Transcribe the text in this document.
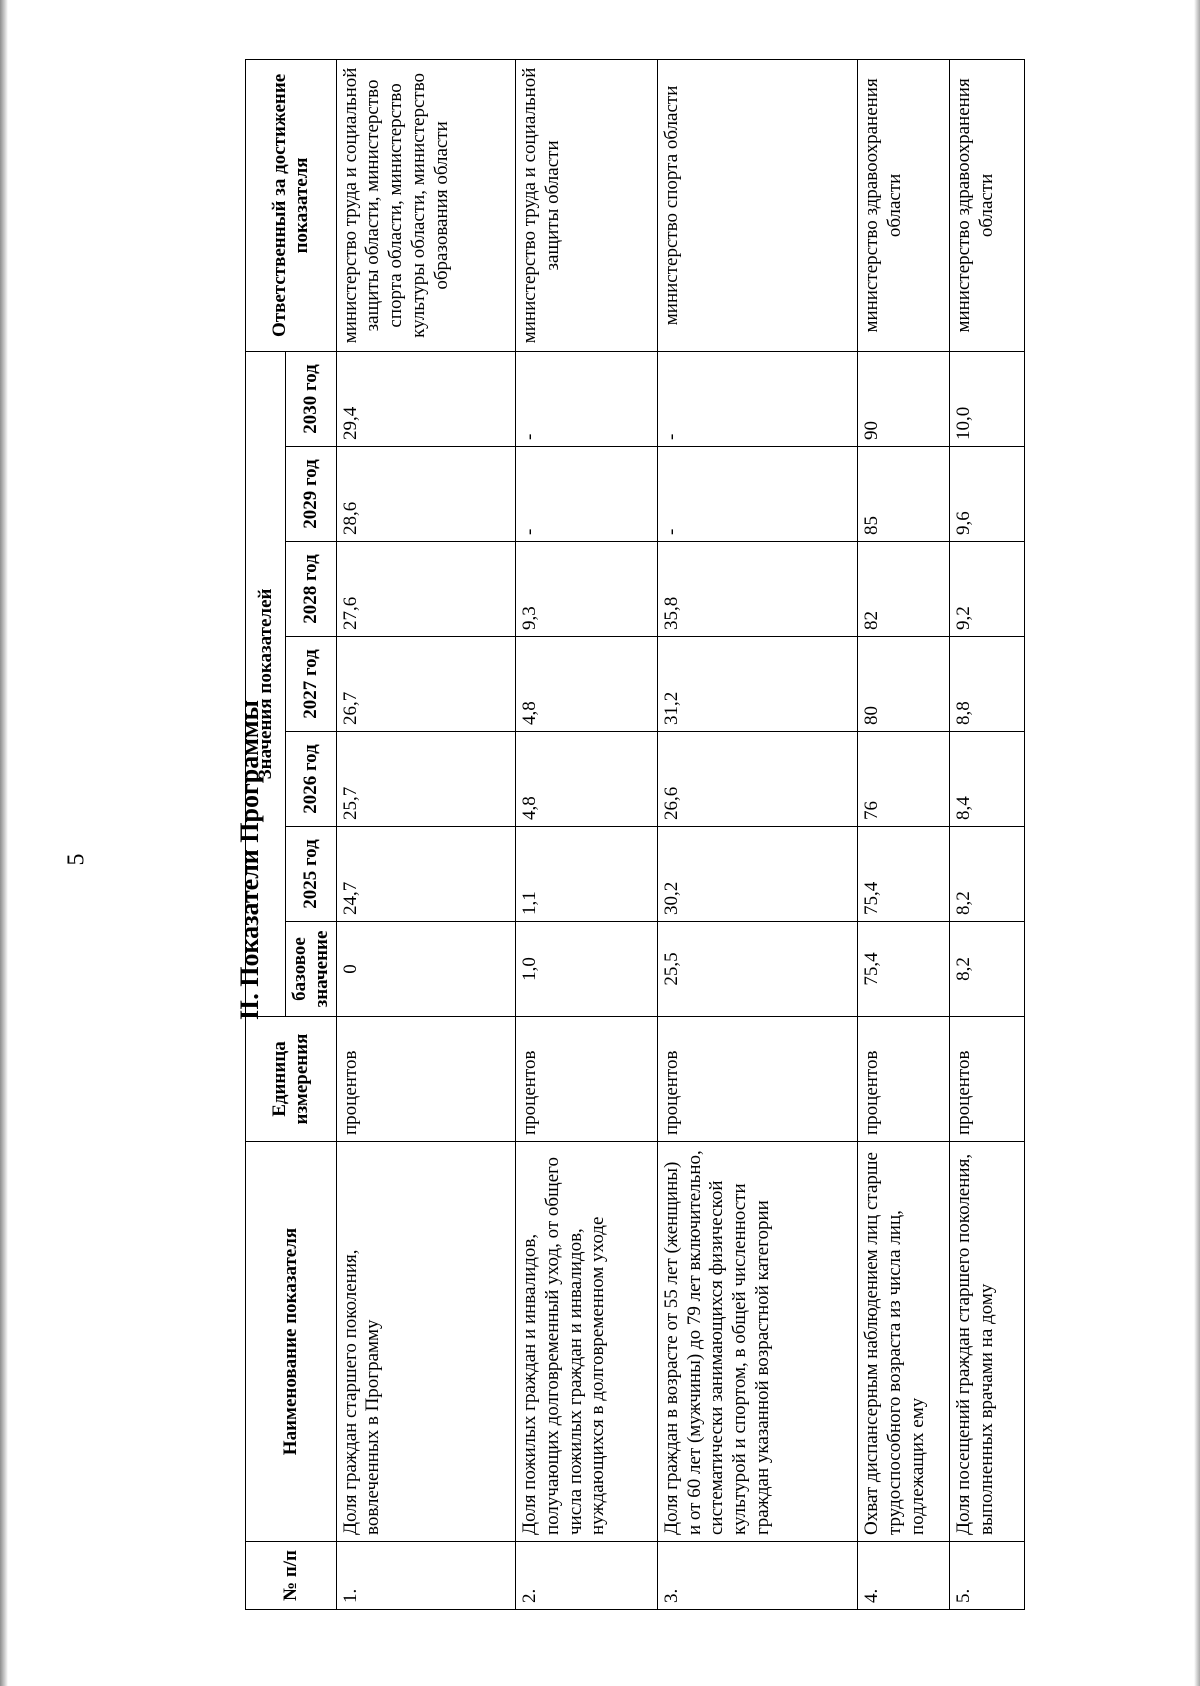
5	II. Показатели Программы
№ п/п	Наименование показателя	Единица измерения	Значения показателей							Ответственный за достижение показателя
			базовое значение	2025 год	2026 год	2027 год	2028 год	2029 год	2030 год	
1.	Доля граждан старшего поколения, вовлеченных в Программу	процентов	0	24,7	25,7	26,7	27,6	28,6	29,4	министерство труда и социальной защиты области, министерство спорта области, министерство культуры области, министерство образования области
2.	Доля пожилых граждан и инвалидов, получающих долговременный уход, от общего числа пожилых граждан и инвалидов, нуждающихся в долговременном уходе	процентов	1,0	1,1	4,8	4,8	9,3	-	-	министерство труда и социальной защиты области
3.	Доля граждан в возрасте от 55 лет (женщины) и от 60 лет (мужчины) до 79 лет включительно, систематически занимающихся физической культурой и спортом, в общей численности граждан указанной возрастной категории	процентов	25,5	30,2	26,6	31,2	35,8	-	-	министерство спорта области
4.	Охват диспансерным наблюдением лиц старше трудоспособного возраста из числа лиц, подлежащих ему	процентов	75,4	75,4	76	80	82	85	90	министерство здравоохранения области
5.	Доля посещений граждан старшего поколения, выполненных врачами на дому	процентов	8,2	8,2	8,4	8,8	9,2	9,6	10,0	министерство здравоохранения области
